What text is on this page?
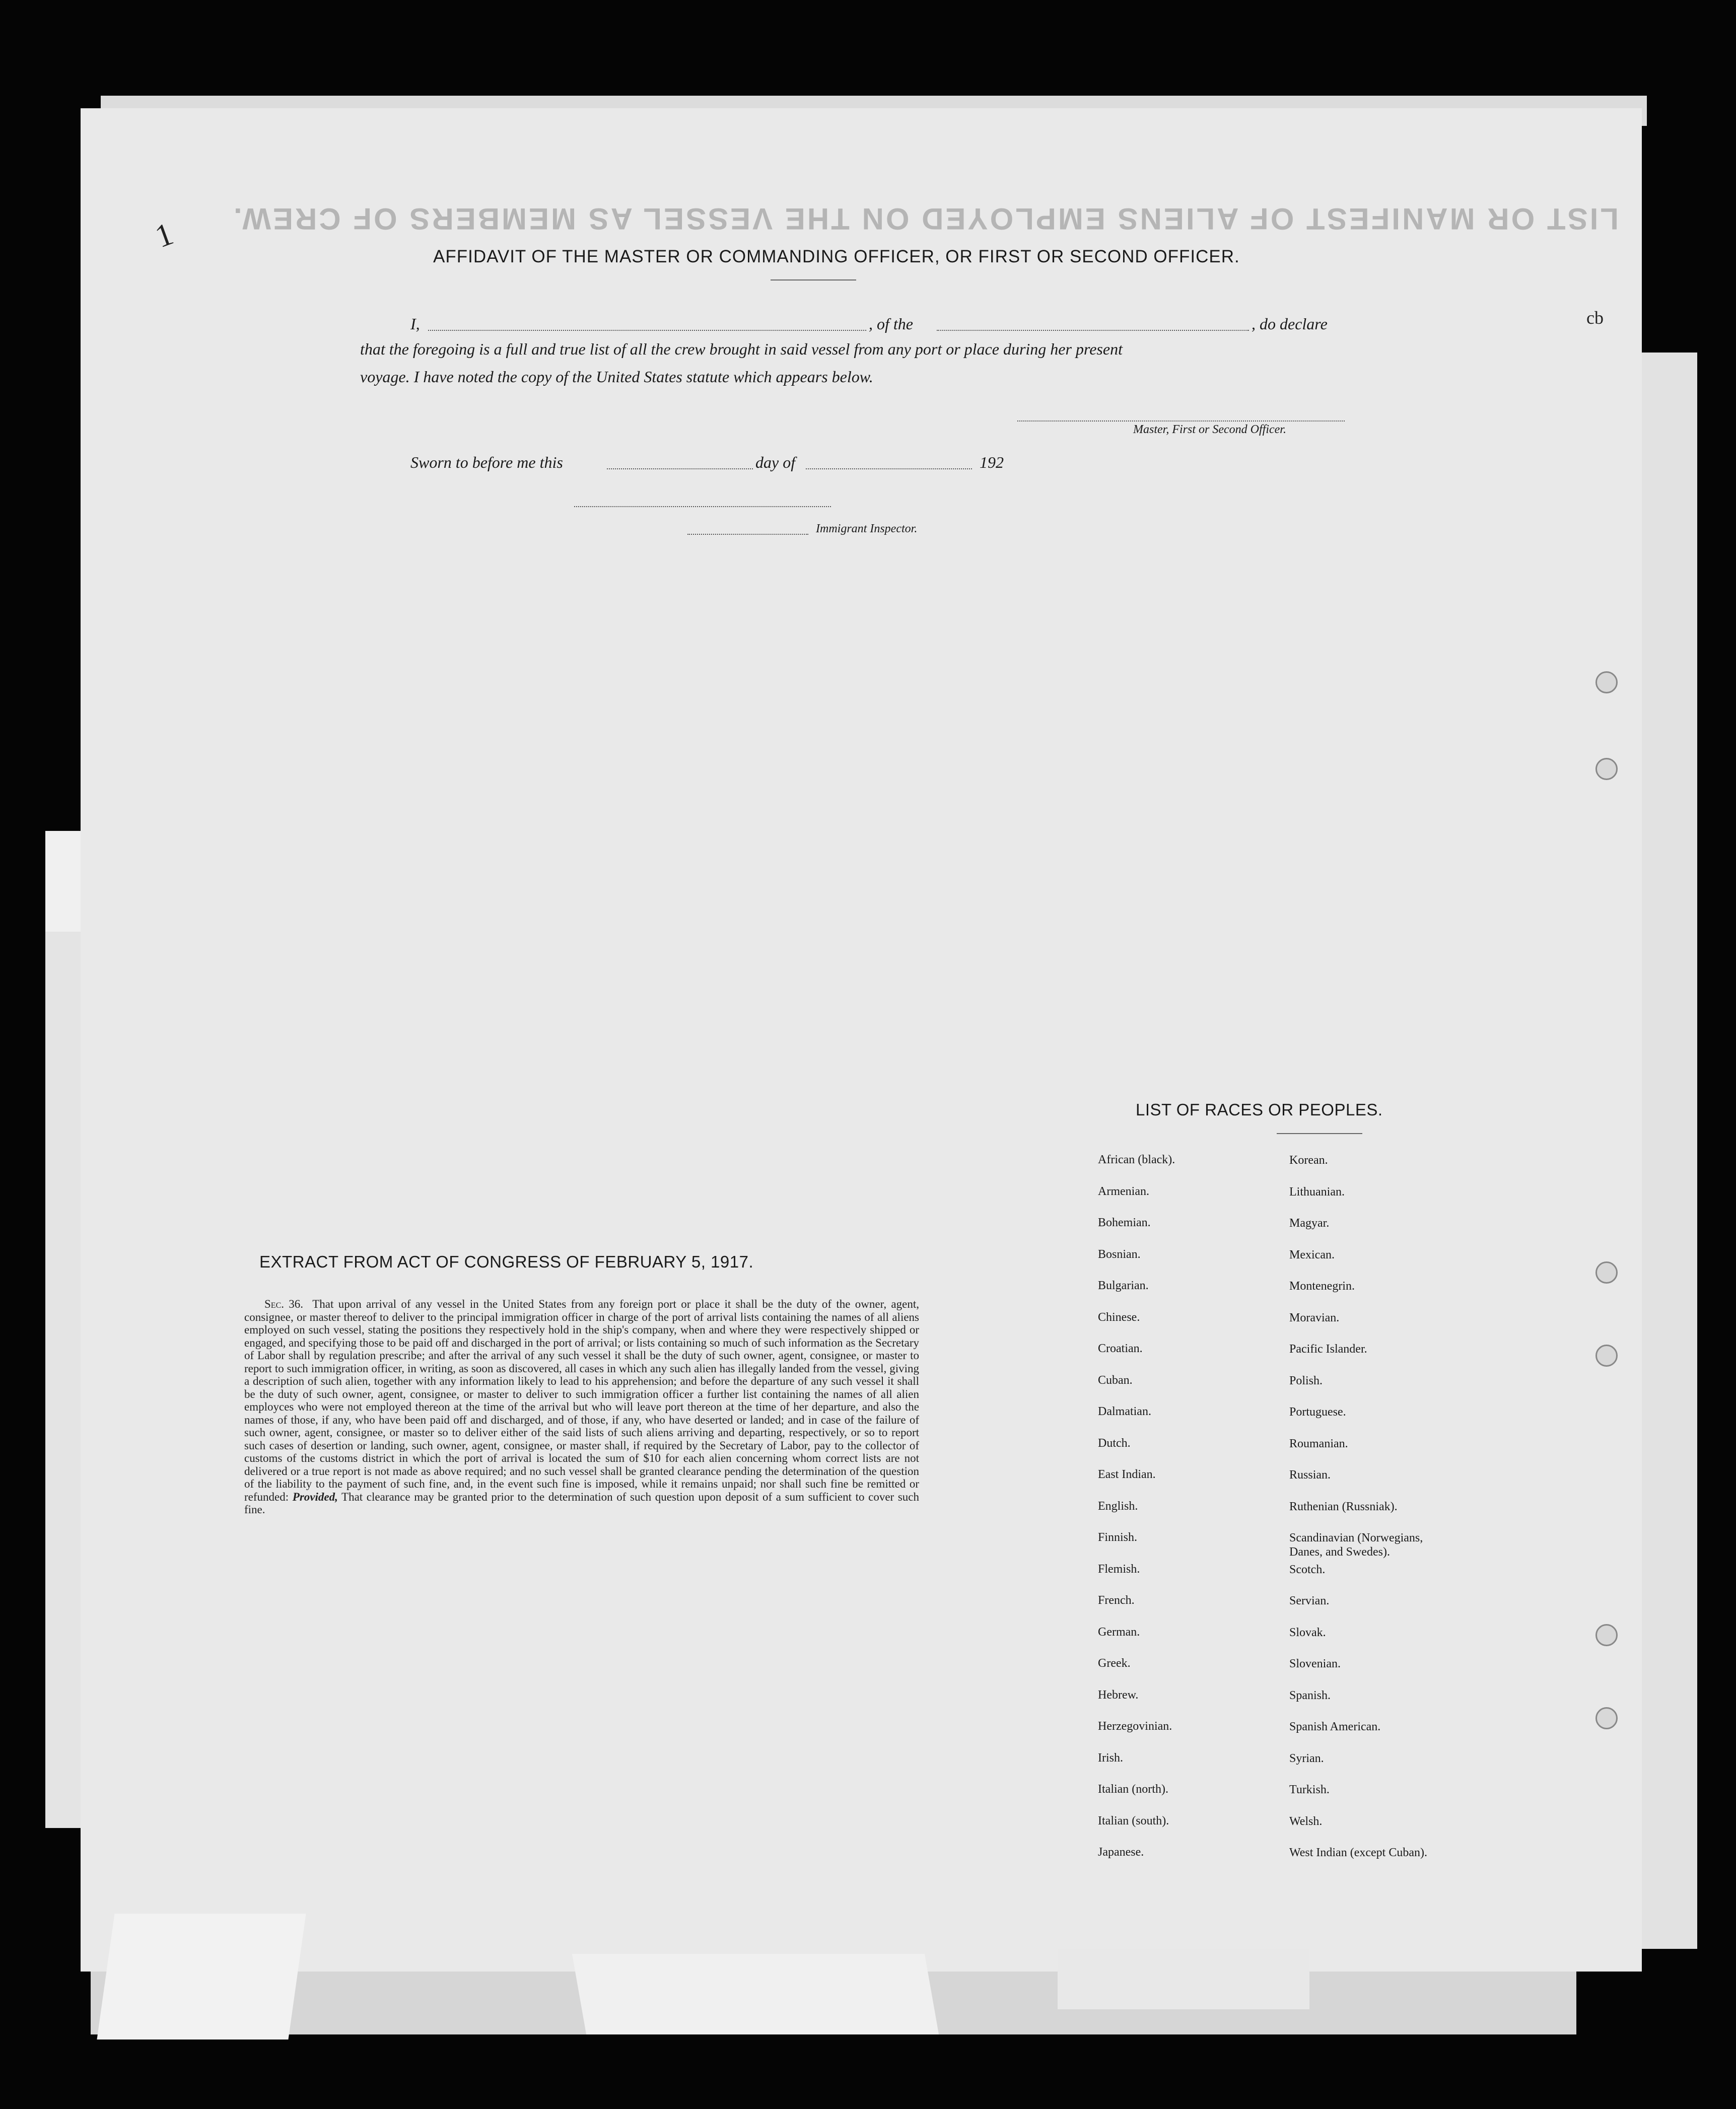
LIST OR MANIFEST OF ALIENS EMPLOYED ON THE VESSEL AS MEMBERS OF CREW.
1
cb
AFFIDAVIT OF THE MASTER OR COMMANDING OFFICER, OR FIRST OR SECOND OFFICER.
I,	, of the	, do declare
that the foregoing is a full and true list of all the crew brought in said vessel from any port or place during her present
voyage. I have noted the copy of the United States statute which appears below.
Master, First or Second Officer.
Sworn to before me this	day of	192
Immigrant Inspector.
EXTRACT FROM ACT OF CONGRESS OF FEBRUARY 5, 1917.
Sec. 36. That upon arrival of any vessel in the United States from any foreign port or place it shall be the duty of the owner, agent, consignee, or master thereof to deliver to the principal immigration officer in charge of the port of arrival lists containing the names of all aliens employed on such vessel, stating the positions they respectively hold in the ship's company, when and where they were respectively shipped or engaged, and specifying those to be paid off and discharged in the port of arrival; or lists containing so much of such information as the Secretary of Labor shall by regulation prescribe; and after the arrival of any such vessel it shall be the duty of such owner, agent, consignee, or master to report to such immigration officer, in writing, as soon as discovered, all cases in which any such alien has illegally landed from the vessel, giving a description of such alien, together with any information likely to lead to his apprehension; and before the departure of any such vessel it shall be the duty of such owner, agent, consignee, or master to deliver to such immigration officer a further list containing the names of all alien employces who were not employed thereon at the time of the arrival but who will leave port thereon at the time of her departure, and also the names of those, if any, who have been paid off and discharged, and of those, if any, who have deserted or landed; and in case of the failure of such owner, agent, consignee, or master so to deliver either of the said lists of such aliens arriving and departing, respectively, or so to report such cases of desertion or landing, such owner, agent, consignee, or master shall, if required by the Secretary of Labor, pay to the collector of customs of the customs district in which the port of arrival is located the sum of $10 for each alien concerning whom correct lists are not delivered or a true report is not made as above required; and no such vessel shall be granted clearance pending the determination of the question of the liability to the payment of such fine, and, in the event such fine is imposed, while it remains unpaid; nor shall such fine be remitted or refunded: Provided, That clearance may be granted prior to the determination of such question upon deposit of a sum sufficient to cover such fine.
LIST OF RACES OR PEOPLES.
African (black).	Korean.
Armenian.	Lithuanian.
Bohemian.	Magyar.
Bosnian.	Mexican.
Bulgarian.	Montenegrin.
Chinese.	Moravian.
Croatian.	Pacific Islander.
Cuban.	Polish.
Dalmatian.	Portuguese.
Dutch.	Roumanian.
East Indian.	Russian.
English.	Ruthenian (Russniak).
Finnish.	Scandinavian (Norwegians,
Danes, and Swedes).
Flemish.	Scotch.
French.	Servian.
German.	Slovak.
Greek.	Slovenian.
Hebrew.	Spanish.
Herzegovinian.	Spanish American.
Irish.	Syrian.
Italian (north).	Turkish.
Italian (south).	Welsh.
Japanese.	West Indian (except Cuban).
